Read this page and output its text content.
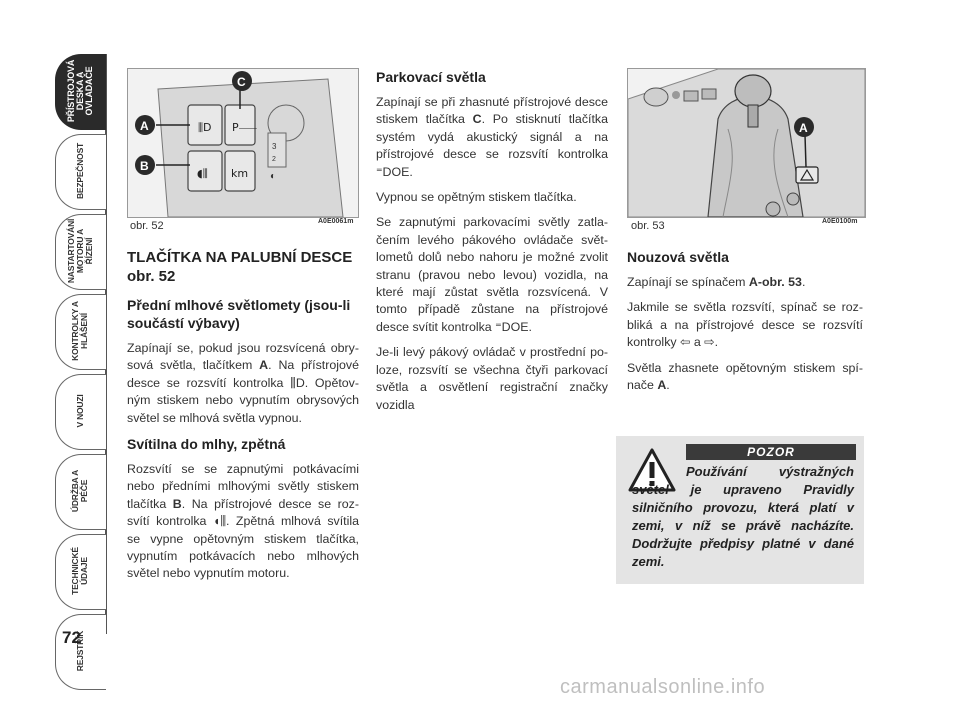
PŘÍSTROJOVÁ
DESKA A
OVLADAČE
BEZPEČNOST
NASTARTOVÁNÍ
MOTORU A
ŘÍZENÍ
KONTROLKY A
HLÁŠENÍ
V NOUZI
ÚDRŽBA A
PÉČE
TECHNICKÉ
ÚDAJE
REJSTŘÍK
72
⫼D P⸺
◖⫼ km
3
2
◐
A
B
C
obr. 52	A0E0061m
A
obr. 53	A0E0100m
TLAČÍTKA NA PALUBNÍ DESCE obr. 52
Přední mlhové světlomety (jsou-li součástí výbavy)

Zapínají se, pokud jsou rozsvícená obrysová světla, tlačítkem A. Na přístrojové desce se rozsvítí kontrolka ⫼D. Opětovným stiskem nebo vypnutím obrysových světel se mlhová světla vypnou.

Svítilna do mlhy, zpětná

Rozsvítí se se zapnutými potkávacími nebo předními mlhovými světly stiskem tlačítka B. Na přístrojové desce se rozsvítí kontrolka ◖⫼. Zpětná mlhová svítila se vypne opětovným stiskem tlačítka, vypnutím potkávacích nebo mlhových světel nebo vypnutím motoru.

Parkovací světla

Zapínají se při zhasnuté přístrojové desce stiskem tlačítka C. Po stisknutí tlačítka systém vydá akustický signál a na přístrojové desce se rozsvítí kontrolka ⁼DOE.

Vypnou se opětným stiskem tlačítka.

Se zapnutými parkovacími světly zatlačením levého pákového ovládače světlometů dolů nebo nahoru je možné zvolit stranu (pravou nebo levou) vozidla, na které mají zůstat světla rozsvícená. V tomto případě zůstane na přístrojové desce svítit kontrolka ⁼DOE.

Je-li levý pákový ovládač v prostřední poloze, rozsvítí se všechna čtyři parkovací světla a osvětlení registrační značky vozidla

Nouzová světla

Zapínají se spínačem A-obr. 53.

Jakmile se světla rozsvítí, spínač se rozbliká a na přístrojové desce se rozsvítí kontrolky ⇦ a ⇨.

Světla zhasnete opětovným stiskem spínače A.

POZOR
Používání výstražných světel je upraveno Pravidly silničního provozu, která platí v zemi, v níž se právě nacházíte. Dodržujte předpisy platné v dané zemi.
carmanualsonline.info
